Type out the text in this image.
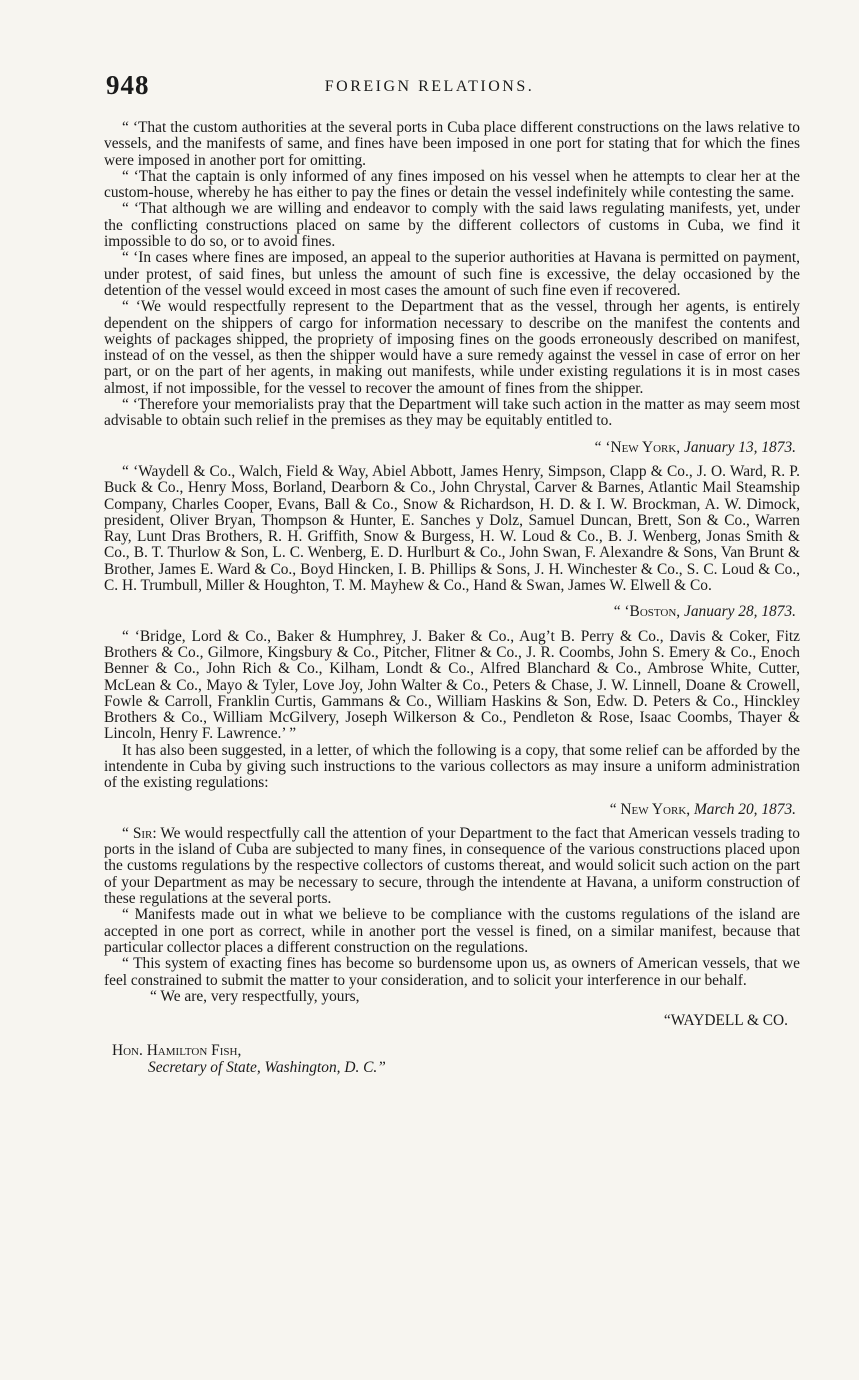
948	FOREIGN RELATIONS.

“ ‘That the custom authorities at the several ports in Cuba place different constructions on the laws relative to vessels, and the manifests of same, and fines have been imposed in one port for stating that for which the fines were imposed in another port for omitting.

“ ‘That the captain is only informed of any fines imposed on his vessel when he attempts to clear her at the custom-house, whereby he has either to pay the fines or detain the vessel indefinitely while contesting the same.

“ ‘That although we are willing and endeavor to comply with the said laws regulating manifests, yet, under the conflicting constructions placed on same by the different collectors of customs in Cuba, we find it impossible to do so, or to avoid fines.

“ ‘In cases where fines are imposed, an appeal to the superior authorities at Havana is permitted on payment, under protest, of said fines, but unless the amount of such fine is excessive, the delay occasioned by the detention of the vessel would exceed in most cases the amount of such fine even if recovered.

“ ‘We would respectfully represent to the Department that as the vessel, through her agents, is entirely dependent on the shippers of cargo for information necessary to describe on the manifest the contents and weights of packages shipped, the propriety of imposing fines on the goods erroneously described on manifest, instead of on the vessel, as then the shipper would have a sure remedy against the vessel in case of error on her part, or on the part of her agents, in making out manifests, while under existing regulations it is in most cases almost, if not impossible, for the vessel to recover the amount of fines from the shipper.

“ ‘Therefore your memorialists pray that the Department will take such action in the matter as may seem most advisable to obtain such relief in the premises as they may be equitably entitled to.

“ ‘New York, January 13, 1873.

“ ‘Waydell & Co., Walch, Field & Way, Abiel Abbott, James Henry, Simpson, Clapp & Co., J. O. Ward, R. P. Buck & Co., Henry Moss, Borland, Dearborn & Co., John Chrystal, Carver & Barnes, Atlantic Mail Steamship Company, Charles Cooper, Evans, Ball & Co., Snow & Richardson, H. D. & I. W. Brockman, A. W. Dimock, president, Oliver Bryan, Thompson & Hunter, E. Sanches y Dolz, Samuel Duncan, Brett, Son & Co., Warren Ray, Lunt Dras Brothers, R. H. Griffith, Snow & Burgess, H. W. Loud & Co., B. J. Wenberg, Jonas Smith & Co., B. T. Thurlow & Son, L. C. Wenberg, E. D. Hurlburt & Co., John Swan, F. Alexandre & Sons, Van Brunt & Brother, James E. Ward & Co., Boyd Hincken, I. B. Phillips & Sons, J. H. Winchester & Co., S. C. Loud & Co., C. H. Trumbull, Miller & Houghton, T. M. Mayhew & Co., Hand & Swan, James W. Elwell & Co.

“ ‘Boston, January 28, 1873.

“ ‘Bridge, Lord & Co., Baker & Humphrey, J. Baker & Co., Aug’t B. Perry & Co., Davis & Coker, Fitz Brothers & Co., Gilmore, Kingsbury & Co., Pitcher, Flitner & Co., J. R. Coombs, John S. Emery & Co., Enoch Benner & Co., John Rich & Co., Kilham, Londt & Co., Alfred Blanchard & Co., Ambrose White, Cutter, McLean & Co., Mayo & Tyler, Love Joy, John Walter & Co., Peters & Chase, J. W. Linnell, Doane & Crowell, Fowle & Carroll, Franklin Curtis, Gammans & Co., William Haskins & Son, Edw. D. Peters & Co., Hinckley Brothers & Co., William McGilvery, Joseph Wilkerson & Co., Pendleton & Rose, Isaac Coombs, Thayer & Lincoln, Henry F. Lawrence.’ ”

It has also been suggested, in a letter, of which the following is a copy, that some relief can be afforded by the intendente in Cuba by giving such instructions to the various collectors as may insure a uniform administration of the existing regulations:

“ New York, March 20, 1873.

“ Sir: We would respectfully call the attention of your Department to the fact that American vessels trading to ports in the island of Cuba are subjected to many fines, in consequence of the various constructions placed upon the customs regulations by the respective collectors of customs thereat, and would solicit such action on the part of your Department as may be necessary to secure, through the intendente at Havana, a uniform construction of these regulations at the several ports.

“ Manifests made out in what we believe to be compliance with the customs regulations of the island are accepted in one port as correct, while in another port the vessel is fined, on a similar manifest, because that particular collector places a different construction on the regulations.

“ This system of exacting fines has become so burdensome upon us, as owners of American vessels, that we feel constrained to submit the matter to your consideration, and to solicit your interference in our behalf.

“ We are, very respectfully, yours,

“WAYDELL & CO.
Hon. Hamilton Fish,
Secretary of State, Washington, D. C.”
